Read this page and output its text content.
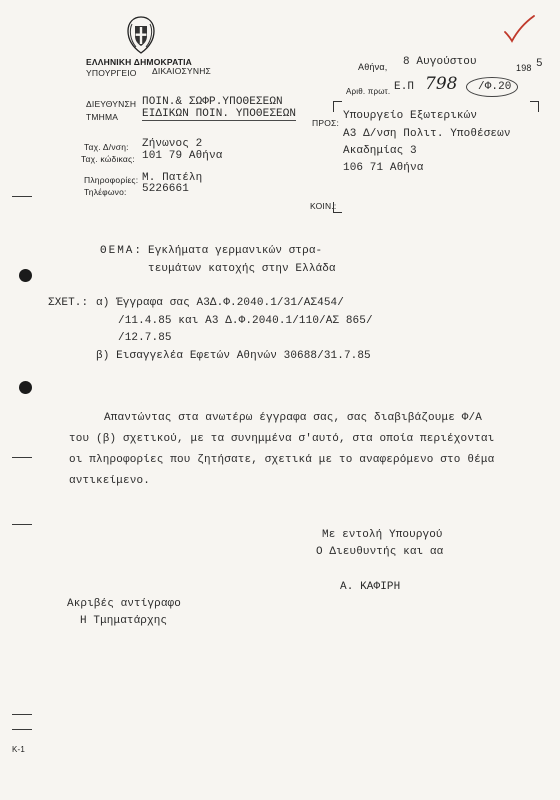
ΕΛΛΗΝΙΚΗ ΔΗΜΟΚΡΑΤΙΑ
ΥΠΟΥΡΓΕΙΟ ΔΙΚΑΙΟΣΥΝΗΣ
ΔΙΕΥΘΥΝΣΗ ΠΟΙΝ.& ΣΩΦΡ.ΥΠΟΘΕΣΕΩΝ
ΤΜΗΜΑ ΕΙΔΙΚΩΝ ΠΟΙΝ. ΥΠΟΘΕΣΕΩΝ
Ταχ. Δ/νση: Ζήνωνος 2
Ταχ. κώδικας: 101 79 Αθήνα
Πληροφορίες: Μ. Πατέλη
Τηλέφωνο: 5226661
Αθήνα, 8 Αυγούστου	198 5
Αριθ. πρωτ. Ε.Π 798 /Φ.20
ΠΡΟΣ:
Υπουργείο Εξωτερικών
Α3 Δ/νση Πολιτ. Υποθέσεων
Ακαδημίας 3
106 71 Αθήνα
ΚΟΙΝ.:
ΘΕΜΑ: Εγκλήματα γερμανικών στρα-
τευμάτων κατοχής στην Ελλάδα
ΣΧΕΤ.: α) Έγγραφα σας Α3Δ.Φ.2040.1/31/ΑΣ454/
/11.4.85 και Α3 Δ.Φ.2040.1/110/ΑΣ 865/
/12.7.85
β) Εισαγγελέα Εφετών Αθηνών 30688/31.7.85
Απαντώντας στα ανωτέρω έγγραφα σας, σας διαβιβάζουμε Φ/Α
του (β) σχετικού, με τα συνημμένα σ'αυτό, στα οποία περιέχονται
οι πληροφορίες που ζητήσατε, σχετικά με το αναφερόμενο στο θέμα
αντικείμενο.
Με εντολή Υπουργού
Ο Διευθυντής και αα
Α. ΚΑΦΙΡΗ
Ακριβές αντίγραφο
Η Τμηματάρχης
Κ-1
